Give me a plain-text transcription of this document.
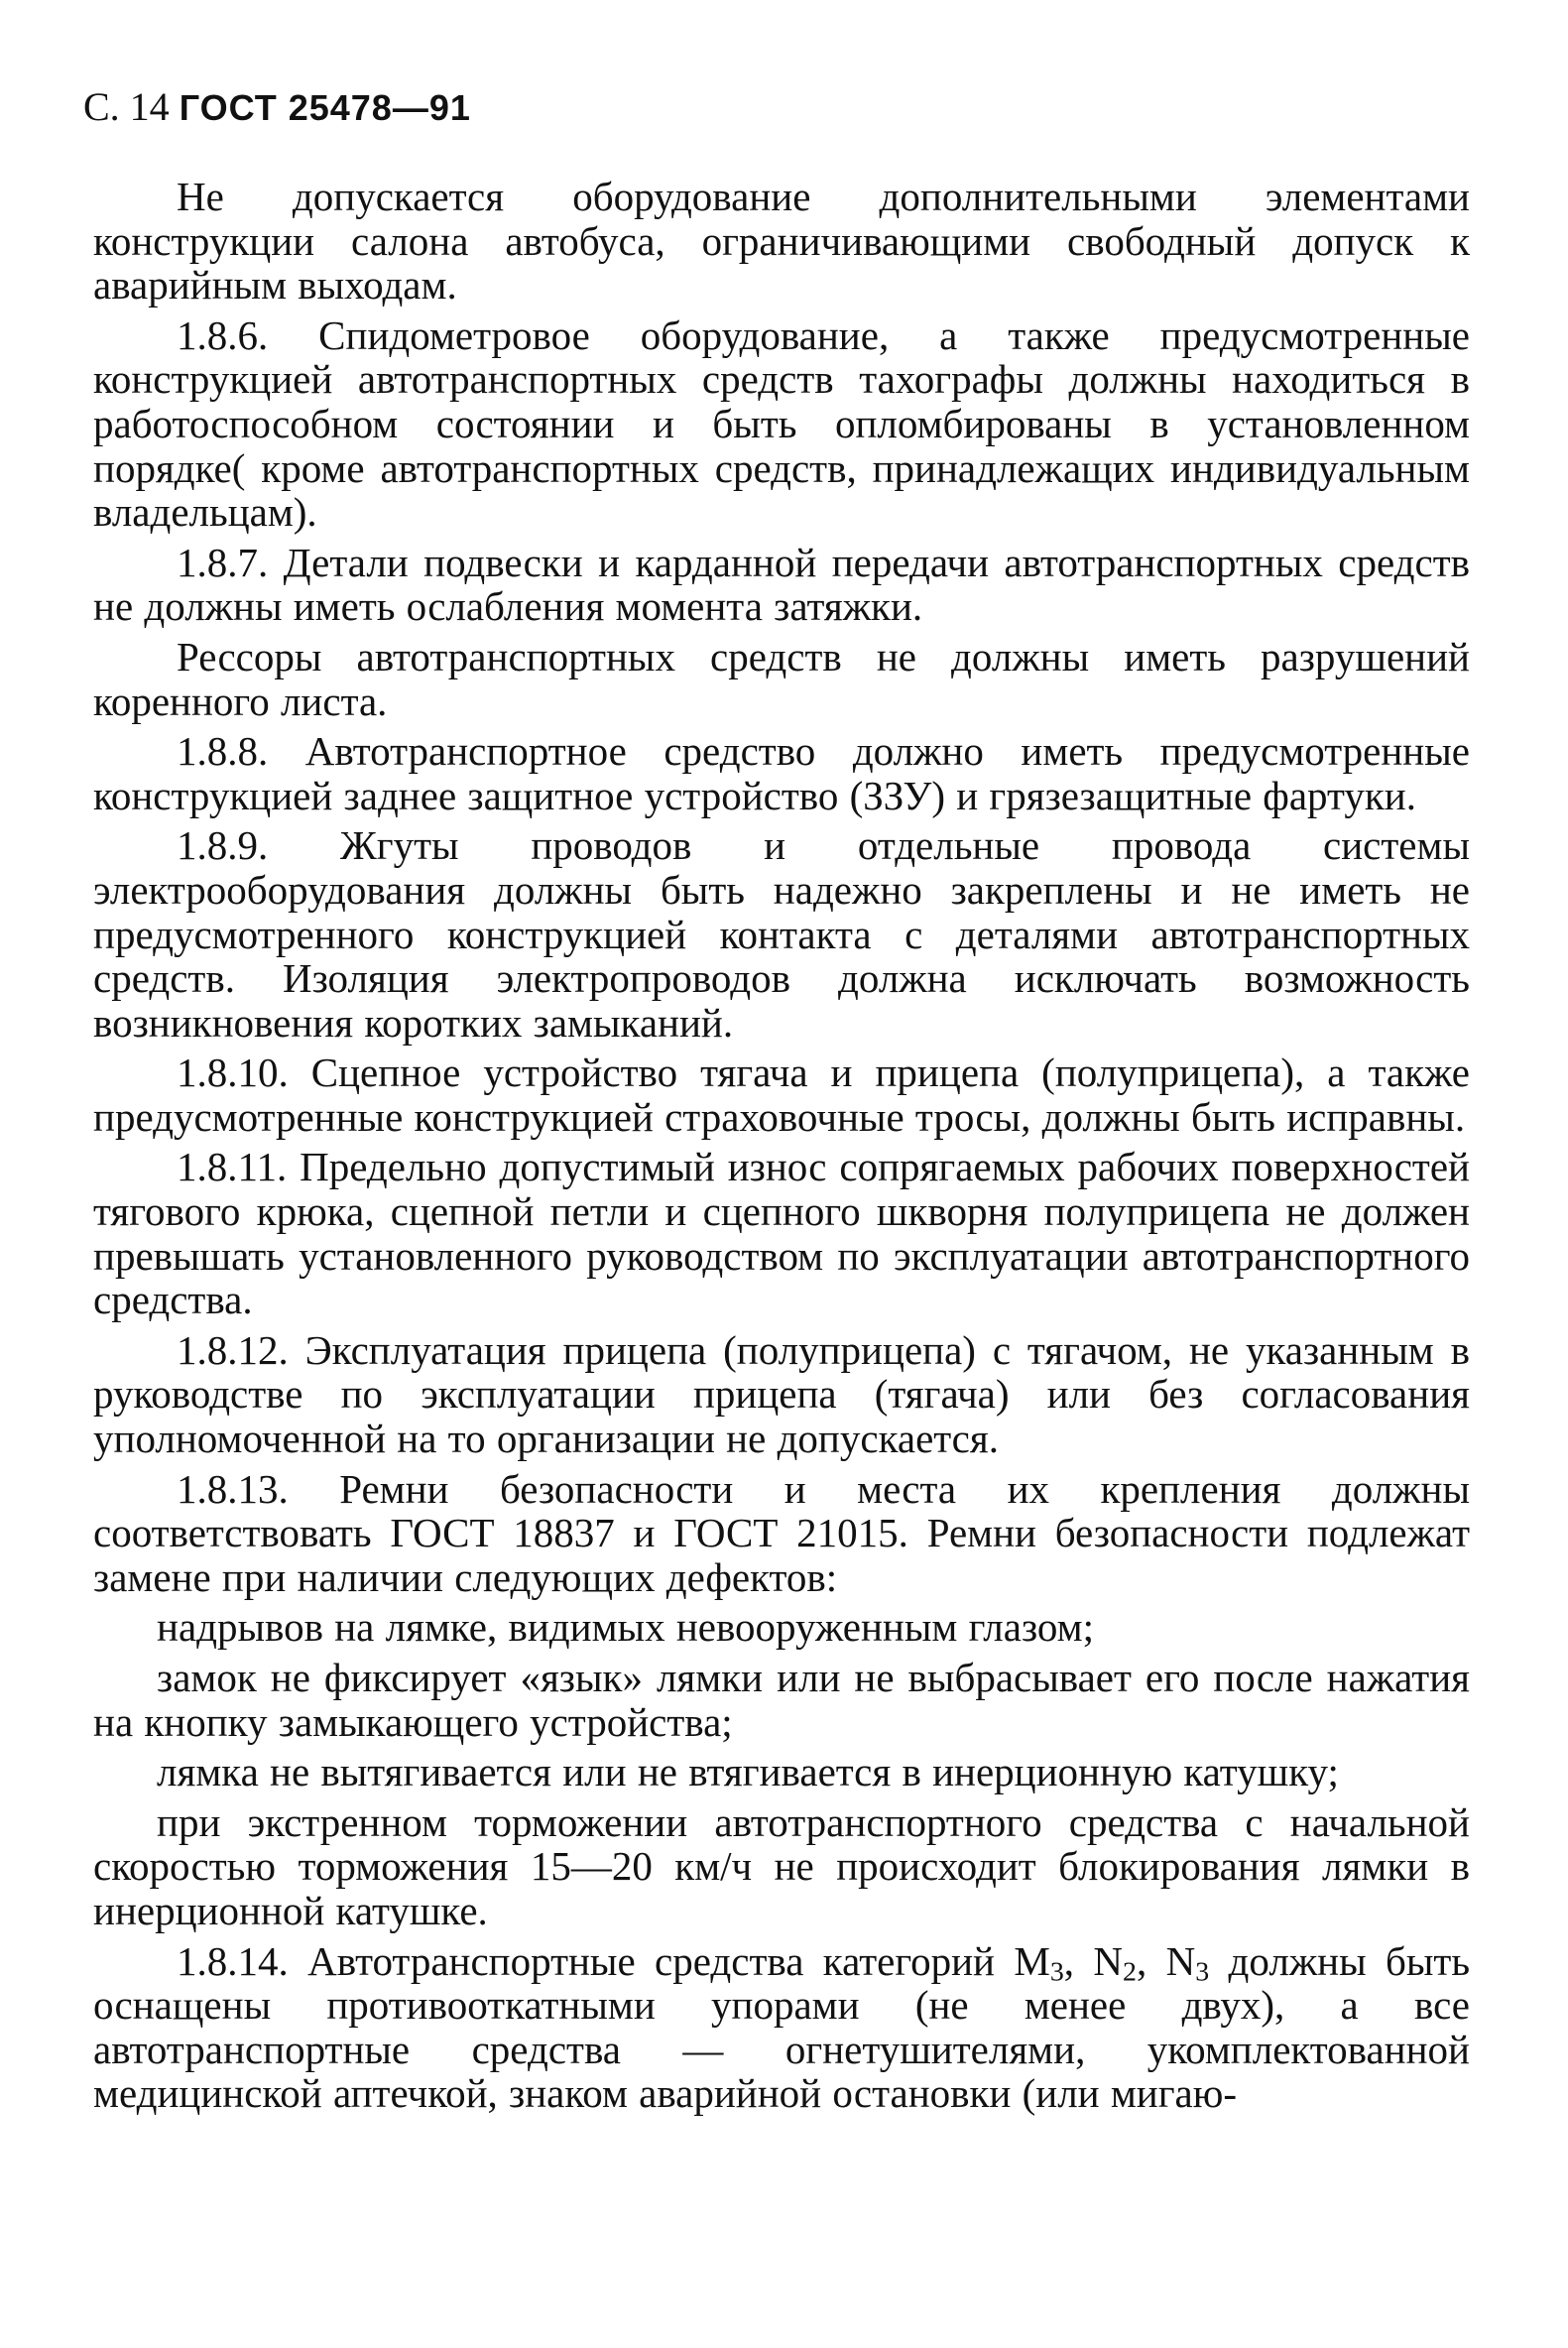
С. 14 ГОСТ 25478—91

Не допускается оборудование дополнительными элементами конструкции салона автобуса, ограничивающими свободный допуск к аварийным выходам.

1.8.6. Спидометровое оборудование, а также предусмотренные конструкцией автотранспортных средств тахографы должны находиться в работоспособном состоянии и быть опломбированы в установленном порядке( кроме автотранспортных средств, принадлежащих индивидуальным владельцам).

1.8.7. Детали подвески и карданной передачи автотранспортных средств не должны иметь ослабления момента затяжки.

Рессоры автотранспортных средств не должны иметь разрушений коренного листа.

1.8.8. Автотранспортное средство должно иметь предусмотренные конструкцией заднее защитное устройство (ЗЗУ) и грязезащитные фартуки.

1.8.9. Жгуты проводов и отдельные провода системы электрооборудования должны быть надежно закреплены и не иметь не предусмотренного конструкцией контакта с деталями автотранспортных средств. Изоляция электропроводов должна исключать возможность возникновения коротких замыканий.

1.8.10. Сцепное устройство тягача и прицепа (полуприцепа), а также предусмотренные конструкцией страховочные тросы, должны быть исправны.

1.8.11. Предельно допустимый износ сопрягаемых рабочих поверхностей тягового крюка, сцепной петли и сцепного шкворня полуприцепа не должен превышать установленного руководством по эксплуатации автотранспортного средства.

1.8.12. Эксплуатация прицепа (полуприцепа) с тягачом, не указанным в руководстве по эксплуатации прицепа (тягача) или без согласования уполномоченной на то организации не допускается.

1.8.13. Ремни безопасности и места их крепления должны соответствовать ГОСТ 18837 и ГОСТ 21015. Ремни безопасности подлежат замене при наличии следующих дефектов:

надрывов на лямке, видимых невооруженным глазом;

замок не фиксирует «язык» лямки или не выбрасывает его после нажатия на кнопку замыкающего устройства;

лямка не вытягивается или не втягивается в инерционную катушку;

при экстренном торможении автотранспортного средства с начальной скоростью торможения 15—20 км/ч не происходит блокирования лямки в инерционной катушке.

1.8.14. Автотранспортные средства категорий $М_3$, $N_2$, $N_3$ должны быть оснащены противооткатными упорами (не менее двух), а все автотранспортные средства — огнетушителями, укомплектованной медицинской аптечкой, знаком аварийной остановки (или мигаю-
